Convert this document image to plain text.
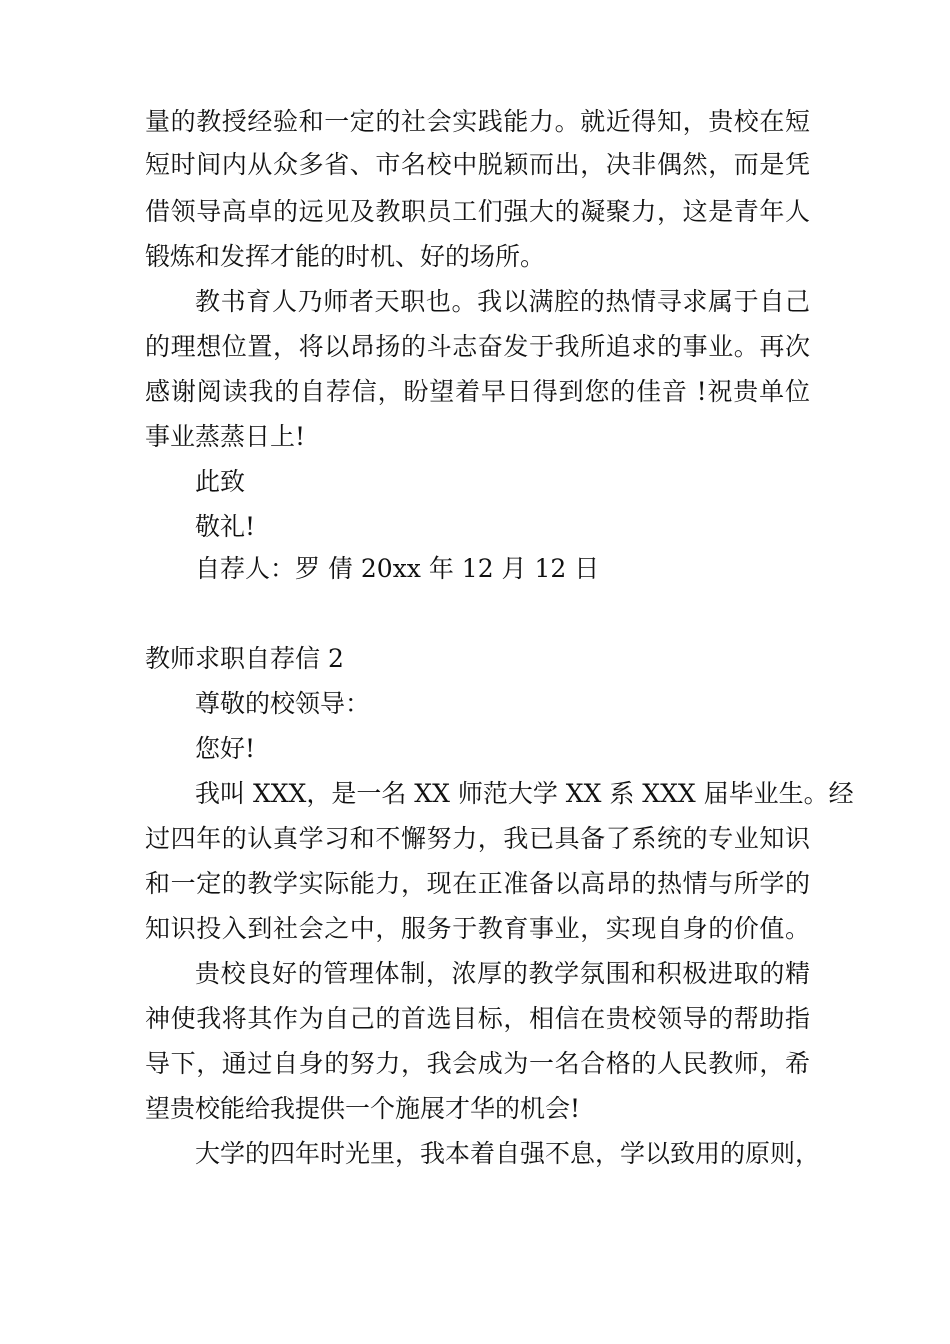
量的教授经验和一定的社会实践能力。就近得知，贵校在短
短时间内从众多省、市名校中脱颖而出，决非偶然，而是凭
借领导高卓的远见及教职员工们强大的凝聚力，这是青年人
锻炼和发挥才能的时机、好的场所。
教书育人乃师者天职也。我以满腔的热情寻求属于自己
的理想位置，将以昂扬的斗志奋发于我所追求的事业。再次
感谢阅读我的自荐信，盼望着早日得到您的佳音 !祝贵单位
事业蒸蒸日上!
此致
敬礼!
自荐人：罗 倩 20xx 年 12 月 12 日
教师求职自荐信 2
尊敬的校领导：
您好!
我叫 XXX，是一名 XX 师范大学 XX 系 XXX 届毕业生。经
过四年的认真学习和不懈努力，我已具备了系统的专业知识
和一定的教学实际能力，现在正准备以高昂的热情与所学的
知识投入到社会之中，服务于教育事业，实现自身的价值。
贵校良好的管理体制，浓厚的教学氛围和积极进取的精
神使我将其作为自己的首选目标，相信在贵校领导的帮助指
导下，通过自身的努力，我会成为一名合格的人民教师，希
望贵校能给我提供一个施展才华的机会!
大学的四年时光里，我本着自强不息，学以致用的原则，
